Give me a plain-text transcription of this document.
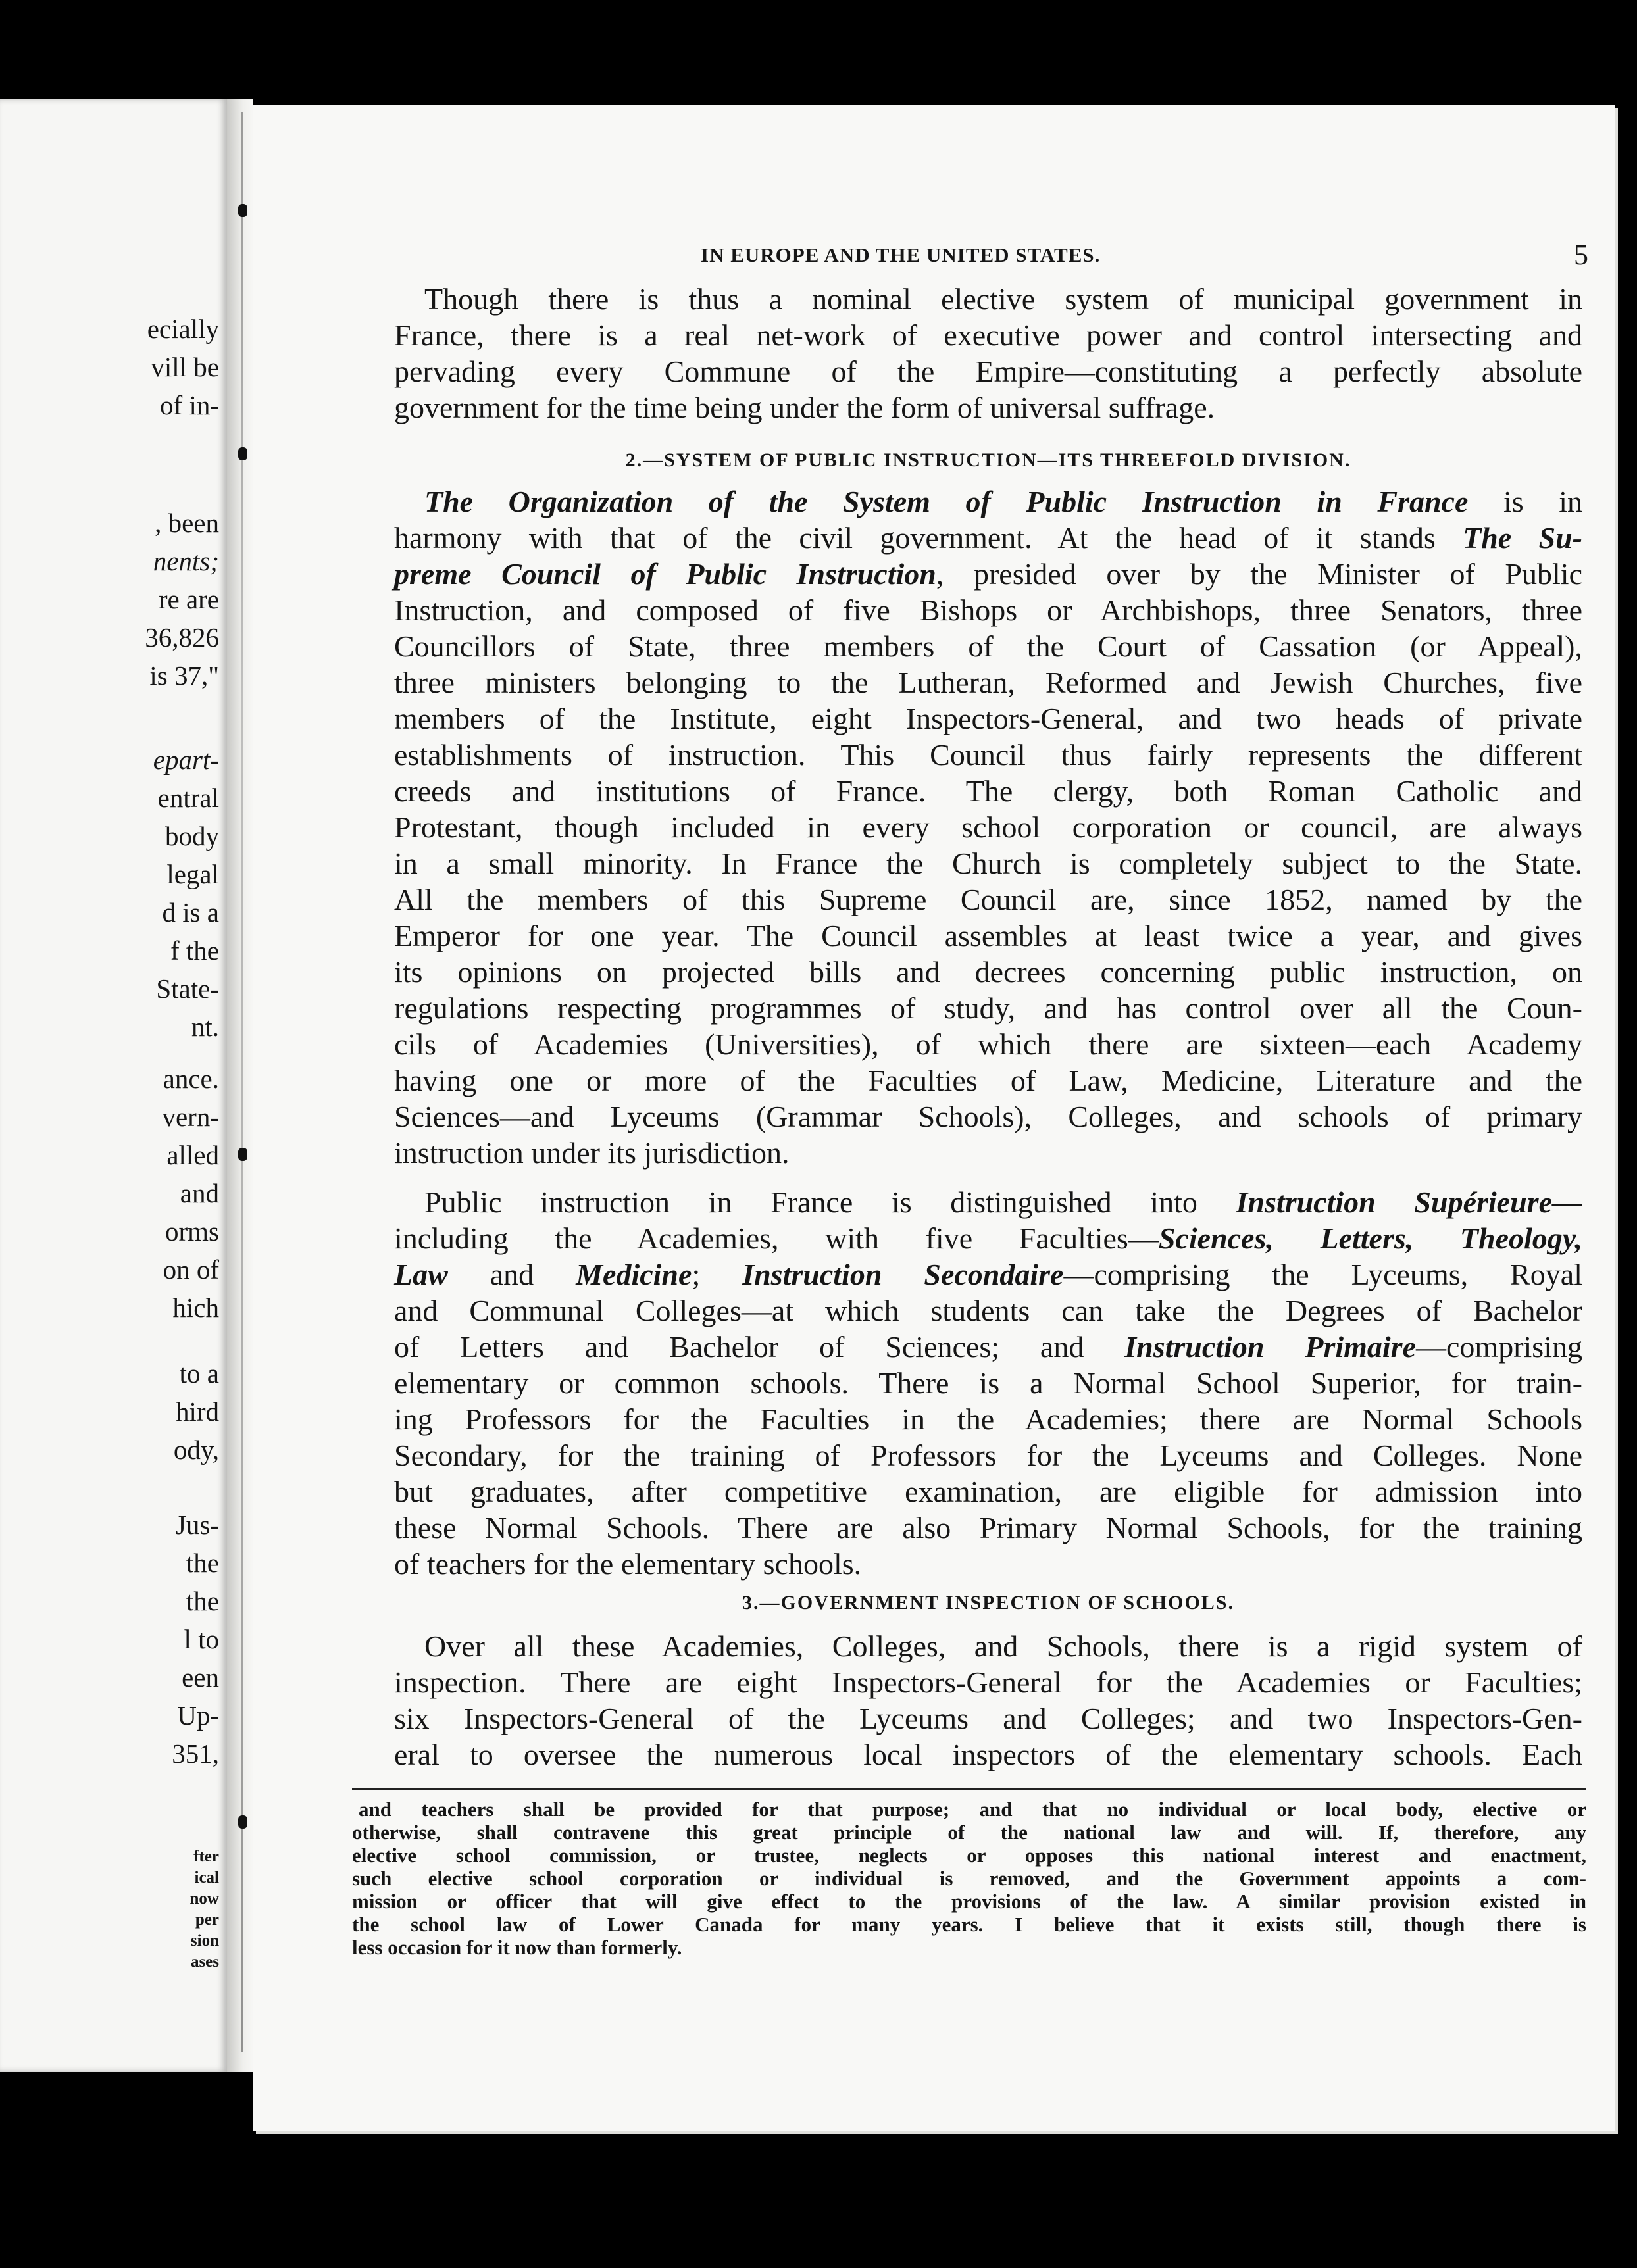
ecially
vill be
of in-
, been
nents;
re are
36,826
is 37,"
epart-
entral
body
legal
d is a
f the
State-
nt.
ance.
vern-
alled
and
orms
on of
hich
to a
hird
ody,
Jus-
the
the
l to
een
Up-
351,
fter
ical
now
per
sion
ases
IN EUROPE AND THE UNITED STATES.	5
Though there is thus a nominal elective system of municipal government in
France, there is a real net-work of executive power and control intersecting and
pervading every Commune of the Empire—constituting a perfectly absolute
government for the time being under the form of universal suffrage.
2.—SYSTEM OF PUBLIC INSTRUCTION—ITS THREEFOLD DIVISION.
The Organization of the System of Public Instruction in France is in
harmony with that of the civil government. At the head of it stands The Su-
preme Council of Public Instruction, presided over by the Minister of Public
Instruction, and composed of five Bishops or Archbishops, three Senators, three
Councillors of State, three members of the Court of Cassation (or Appeal),
three ministers belonging to the Lutheran, Reformed and Jewish Churches, five
members of the Institute, eight Inspectors-General, and two heads of private
establishments of instruction. This Council thus fairly represents the different
creeds and institutions of France. The clergy, both Roman Catholic and
Protestant, though included in every school corporation or council, are always
in a small minority. In France the Church is completely subject to the State.
All the members of this Supreme Council are, since 1852, named by the
Emperor for one year. The Council assembles at least twice a year, and gives
its opinions on projected bills and decrees concerning public instruction, on
regulations respecting programmes of study, and has control over all the Coun-
cils of Academies (Universities), of which there are sixteen—each Academy
having one or more of the Faculties of Law, Medicine, Literature and the
Sciences—and Lyceums (Grammar Schools), Colleges, and schools of primary
instruction under its jurisdiction.
Public instruction in France is distinguished into Instruction Supérieure—
including the Academies, with five Faculties—Sciences, Letters, Theology,
Law and Medicine; Instruction Secondaire—comprising the Lyceums, Royal
and Communal Colleges—at which students can take the Degrees of Bachelor
of Letters and Bachelor of Sciences; and Instruction Primaire—comprising
elementary or common schools. There is a Normal School Superior, for train-
ing Professors for the Faculties in the Academies; there are Normal Schools
Secondary, for the training of Professors for the Lyceums and Colleges. None
but graduates, after competitive examination, are eligible for admission into
these Normal Schools. There are also Primary Normal Schools, for the training
of teachers for the elementary schools.
3.—GOVERNMENT INSPECTION OF SCHOOLS.
Over all these Academies, Colleges, and Schools, there is a rigid system of
inspection. There are eight Inspectors-General for the Academies or Faculties;
six Inspectors-General of the Lyceums and Colleges; and two Inspectors-Gen-
eral to oversee the numerous local inspectors of the elementary schools. Each
and teachers shall be provided for that purpose; and that no individual or local body, elective or
otherwise, shall contravene this great principle of the national law and will. If, therefore, any
elective school commission, or trustee, neglects or opposes this national interest and enactment,
such elective school corporation or individual is removed, and the Government appoints a com-
mission or officer that will give effect to the provisions of the law. A similar provision existed in
the school law of Lower Canada for many years. I believe that it exists still, though there is
less occasion for it now than formerly.
